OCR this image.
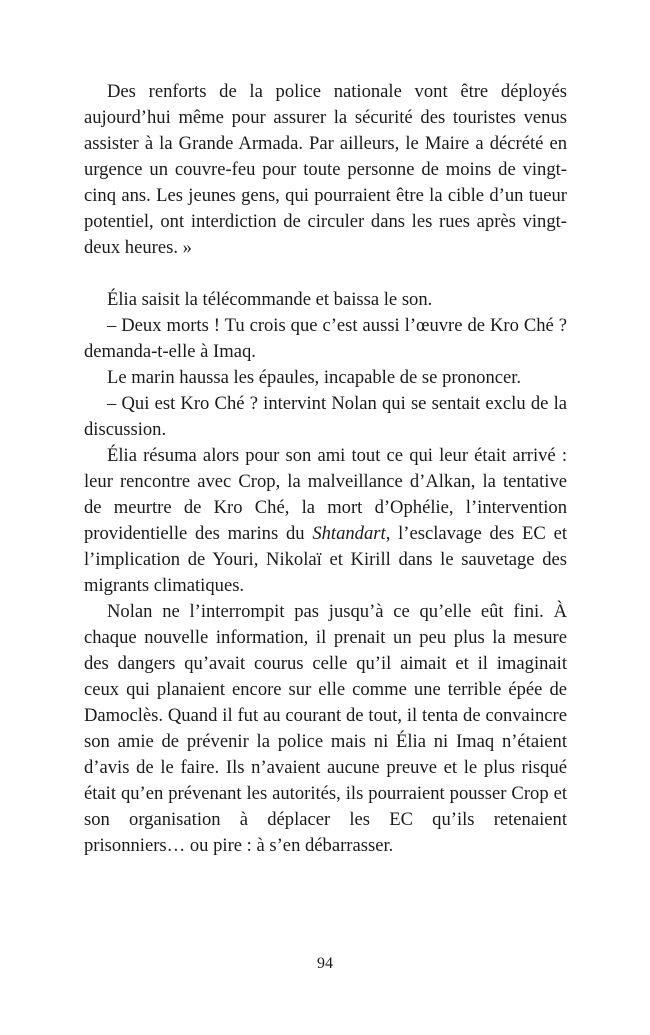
Des renforts de la police nationale vont être déployés aujourd’hui même pour assurer la sécurité des touristes venus assister à la Grande Armada. Par ailleurs, le Maire a décrété en urgence un couvre-feu pour toute personne de moins de vingt-cinq ans. Les jeunes gens, qui pourraient être la cible d’un tueur potentiel, ont interdiction de circuler dans les rues après vingt-deux heures. »

Élia saisit la télécommande et baissa le son.

– Deux morts ! Tu crois que c’est aussi l’œuvre de Kro Ché ? demanda-t-elle à Imaq.

Le marin haussa les épaules, incapable de se prononcer.

– Qui est Kro Ché ? intervint Nolan qui se sentait exclu de la discussion.

Élia résuma alors pour son ami tout ce qui leur était arrivé : leur rencontre avec Crop, la malveillance d’Alkan, la tentative de meurtre de Kro Ché, la mort d’Ophélie, l’intervention providentielle des marins du Shtandart, l’esclavage des EC et l’implication de Youri, Nikolaï et Kirill dans le sauvetage des migrants climatiques.

Nolan ne l’interrompit pas jusqu’à ce qu’elle eût fini. À chaque nouvelle information, il prenait un peu plus la mesure des dangers qu’avait courus celle qu’il aimait et il imaginait ceux qui planaient encore sur elle comme une terrible épée de Damoclès. Quand il fut au courant de tout, il tenta de convaincre son amie de prévenir la police mais ni Élia ni Imaq n’étaient d’avis de le faire. Ils n’avaient aucune preuve et le plus risqué était qu’en prévenant les autorités, ils pourraient pousser Crop et son organisation à déplacer les EC qu’ils retenaient prisonniers… ou pire : à s’en débarrasser.

94
